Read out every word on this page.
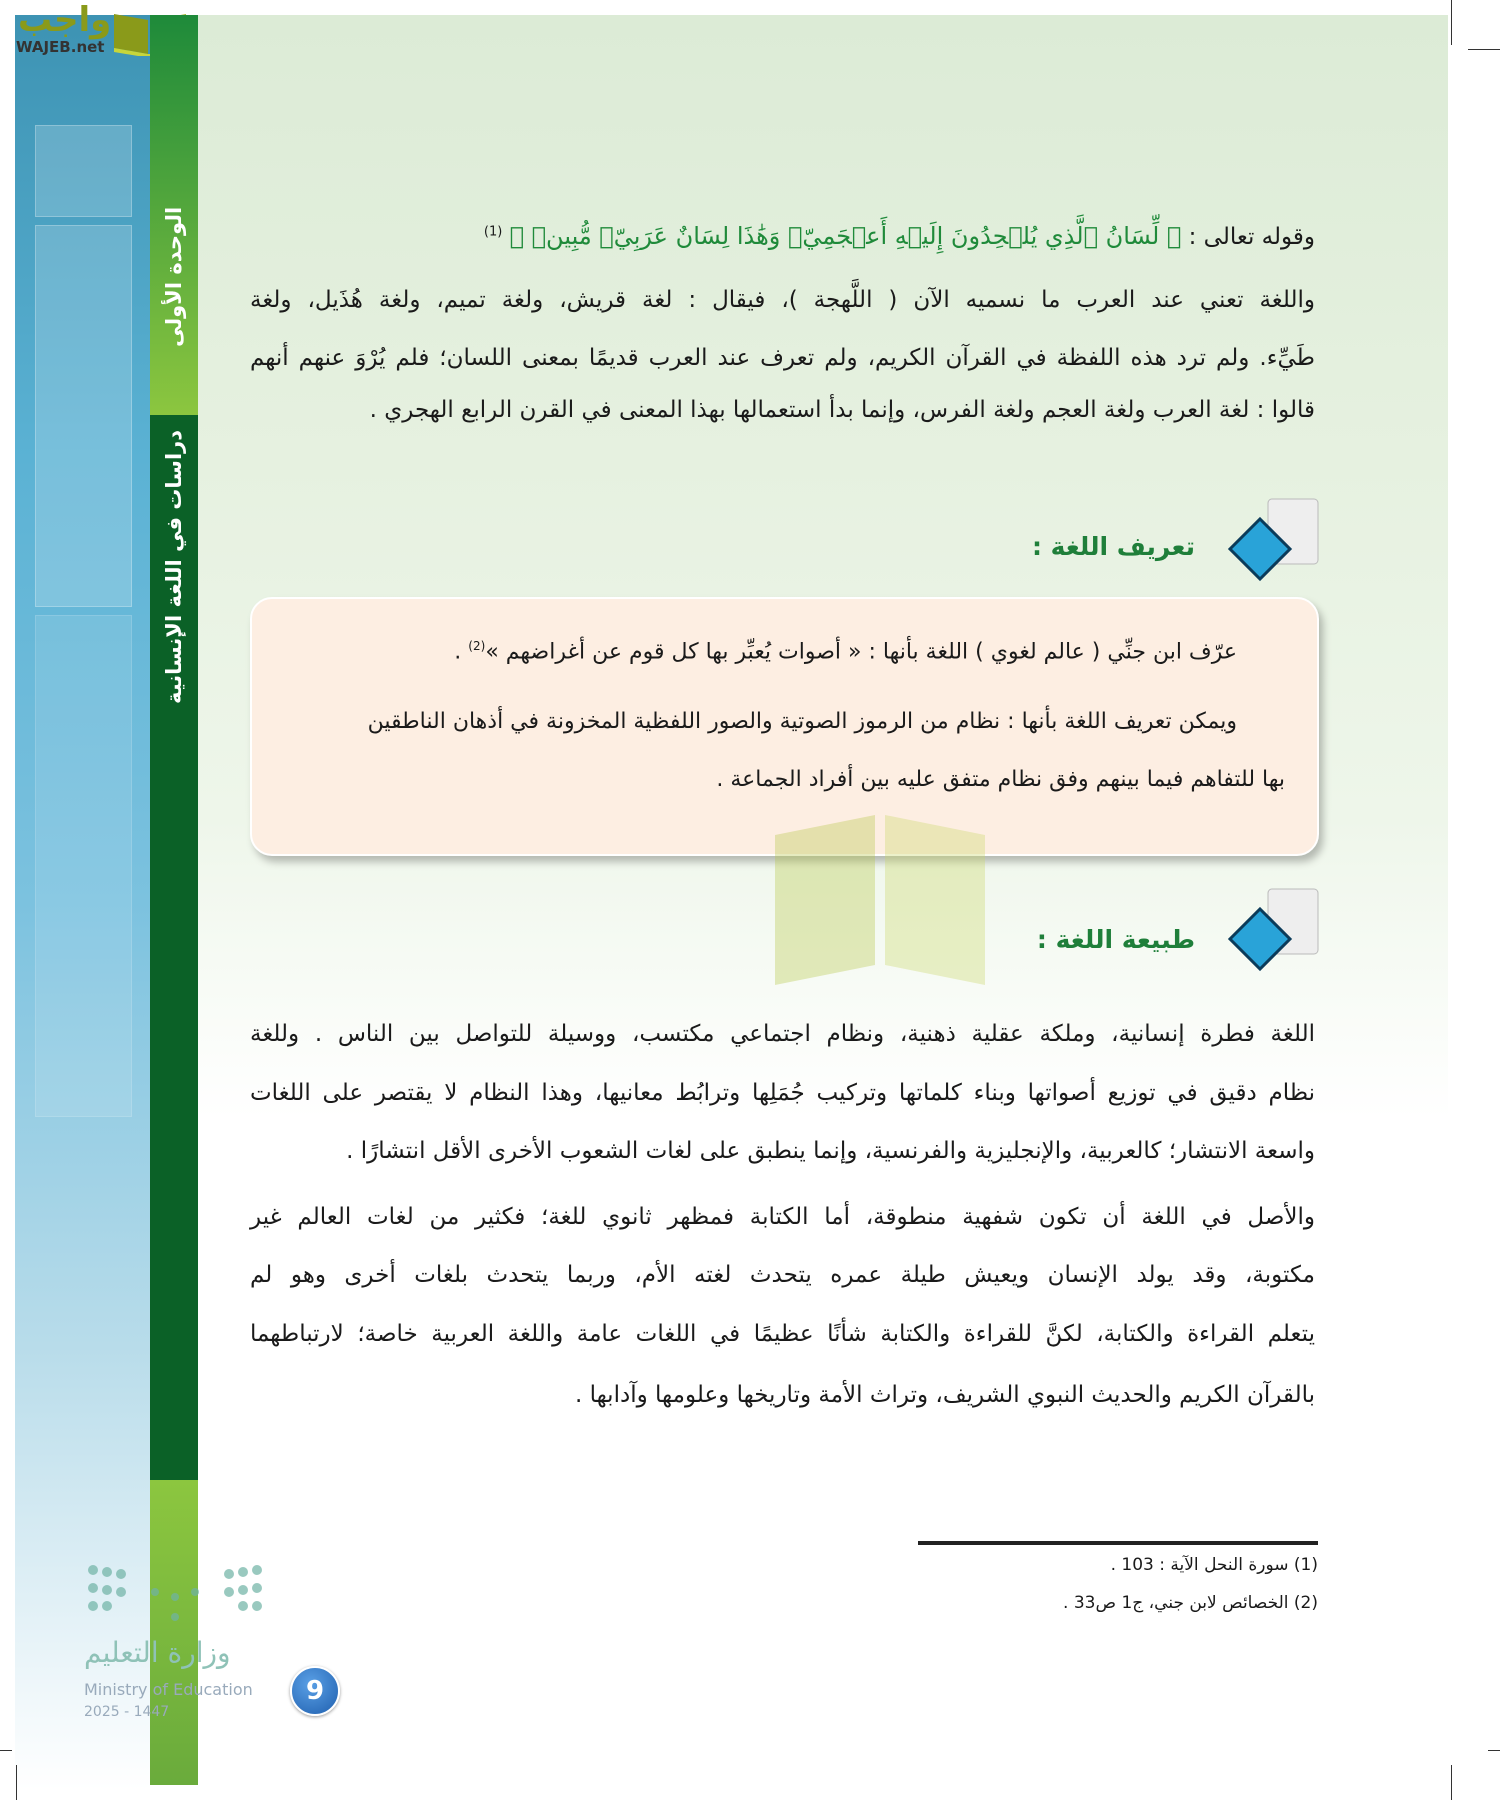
واجب
WAJEB.net
الوحدة الأولى
دراسات في اللغة الإنسانية
وقوله تعالى : ﴿ لِّسَانُ ٱلَّذِي يُلۡحِدُونَ إِلَيۡهِ أَعۡجَمِيّٞ وَهَٰذَا لِسَانٌ عَرَبِيّٞ مُّبِينٞ ﴾ $^{(1)}$
واللغة تعني عند العرب ما نسميه الآن ( اللَّهجة )، فيقال : لغة قريش، ولغة تميم، ولغة هُذَيل، ولغة
طَيِّء. ولم ترد هذه اللفظة في القرآن الكريم، ولم تعرف عند العرب قديمًا بمعنى اللسان؛ فلم يُرْوَ عنهم أنهم
قالوا : لغة العرب ولغة العجم ولغة الفرس، وإنما بدأ استعمالها بهذا المعنى في القرن الرابع الهجري .
تعريف اللغة :
عرّف ابن جنِّي ( عالم لغوي ) اللغة بأنها : « أصوات يُعبِّر بها كل قوم عن أغراضهم »$^{(2)}$ .
ويمكن تعريف اللغة بأنها : نظام من الرموز الصوتية والصور اللفظية المخزونة في أذهان الناطقين
بها للتفاهم فيما بينهم وفق نظام متفق عليه بين أفراد الجماعة .
طبيعة اللغة :
اللغة فطرة إنسانية، وملكة عقلية ذهنية، ونظام اجتماعي مكتسب، ووسيلة للتواصل بين الناس . وللغة
نظام دقيق في توزيع أصواتها وبناء كلماتها وتركيب جُمَلِها وترابُط معانيها، وهذا النظام لا يقتصر على اللغات
واسعة الانتشار؛ كالعربية، والإنجليزية والفرنسية، وإنما ينطبق على لغات الشعوب الأخرى الأقل انتشارًا .
والأصل في اللغة أن تكون شفهية منطوقة، أما الكتابة فمظهر ثانوي للغة؛ فكثير من لغات العالم غير
مكتوبة، وقد يولد الإنسان ويعيش طيلة عمره يتحدث لغته الأم، وربما يتحدث بلغات أخرى وهو لم
يتعلم القراءة والكتابة، لكنَّ للقراءة والكتابة شأنًا عظيمًا في اللغات عامة واللغة العربية خاصة؛ لارتباطهما
بالقرآن الكريم والحديث النبوي الشريف، وتراث الأمة وتاريخها وعلومها وآدابها .
(1) سورة النحل الآية : 103 .
(2) الخصائص لابن جني، ج1 ص33 .
وزارة التعليم
Ministry of Education
2025 - 1447
9
